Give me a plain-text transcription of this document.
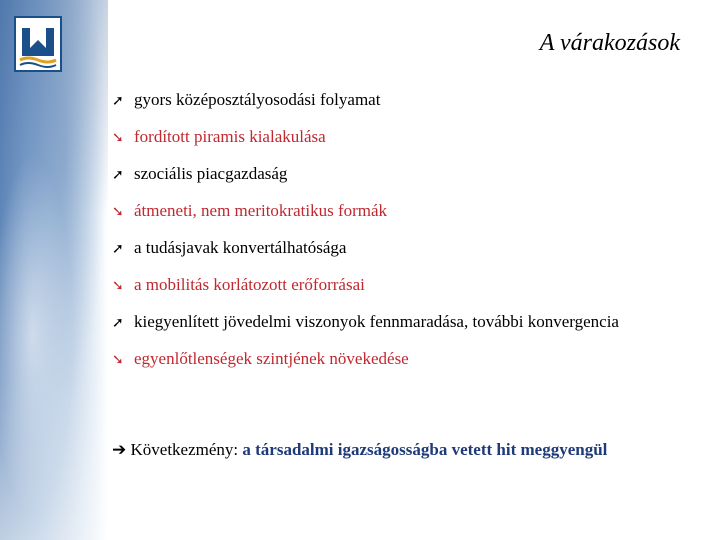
A várakozások
➚ gyors középosztályosodási folyamat
➘ fordított piramis kialakulása
➚ szociális piacgazdaság
➘ átmeneti, nem meritokratikus formák
➚ a tudásjavak konvertálhatósága
➘ a mobilitás korlátozott erőforrásai
➚ kiegyenlített jövedelmi viszonyok fennmaradása, további konvergencia
➘ egyenlőtlenségek szintjének növekedése
➔ Következmény: a társadalmi igazságosságba vetett hit meggyengül
